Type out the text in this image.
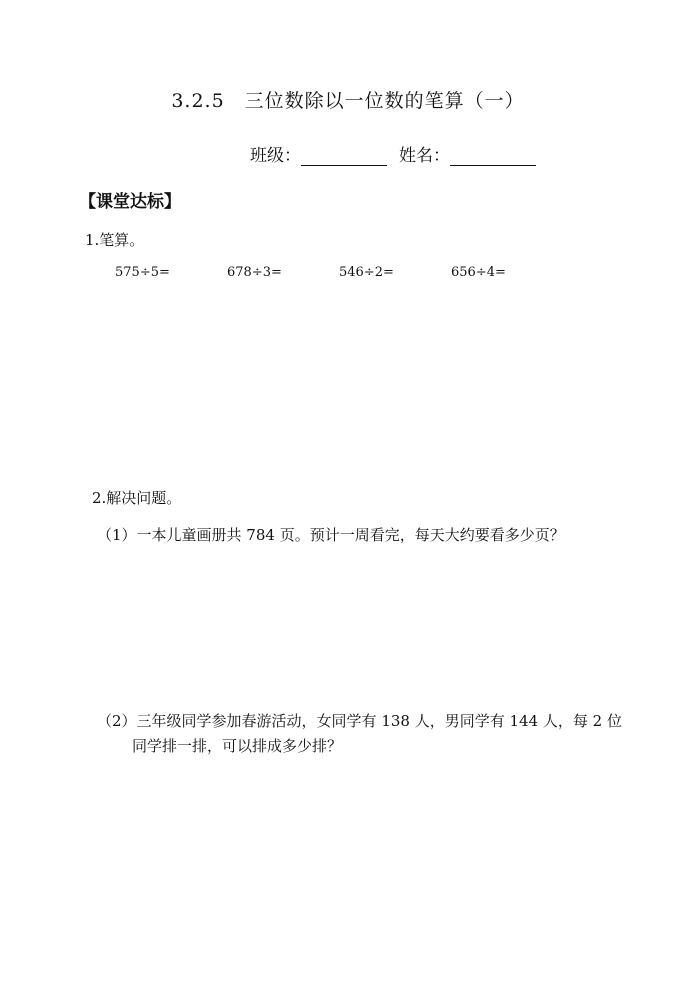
3.2.5　三位数除以一位数的笔算（一）
班级：	姓名：
【课堂达标】
1.笔算。
575÷5=	678÷3=	546÷2=	656÷4=
2.解决问题。
（1）一本儿童画册共 784 页。预计一周看完，每天大约要看多少页？
（2）三年级同学参加春游活动，女同学有 138 人，男同学有 144 人，每 2 位
同学排一排，可以排成多少排？
